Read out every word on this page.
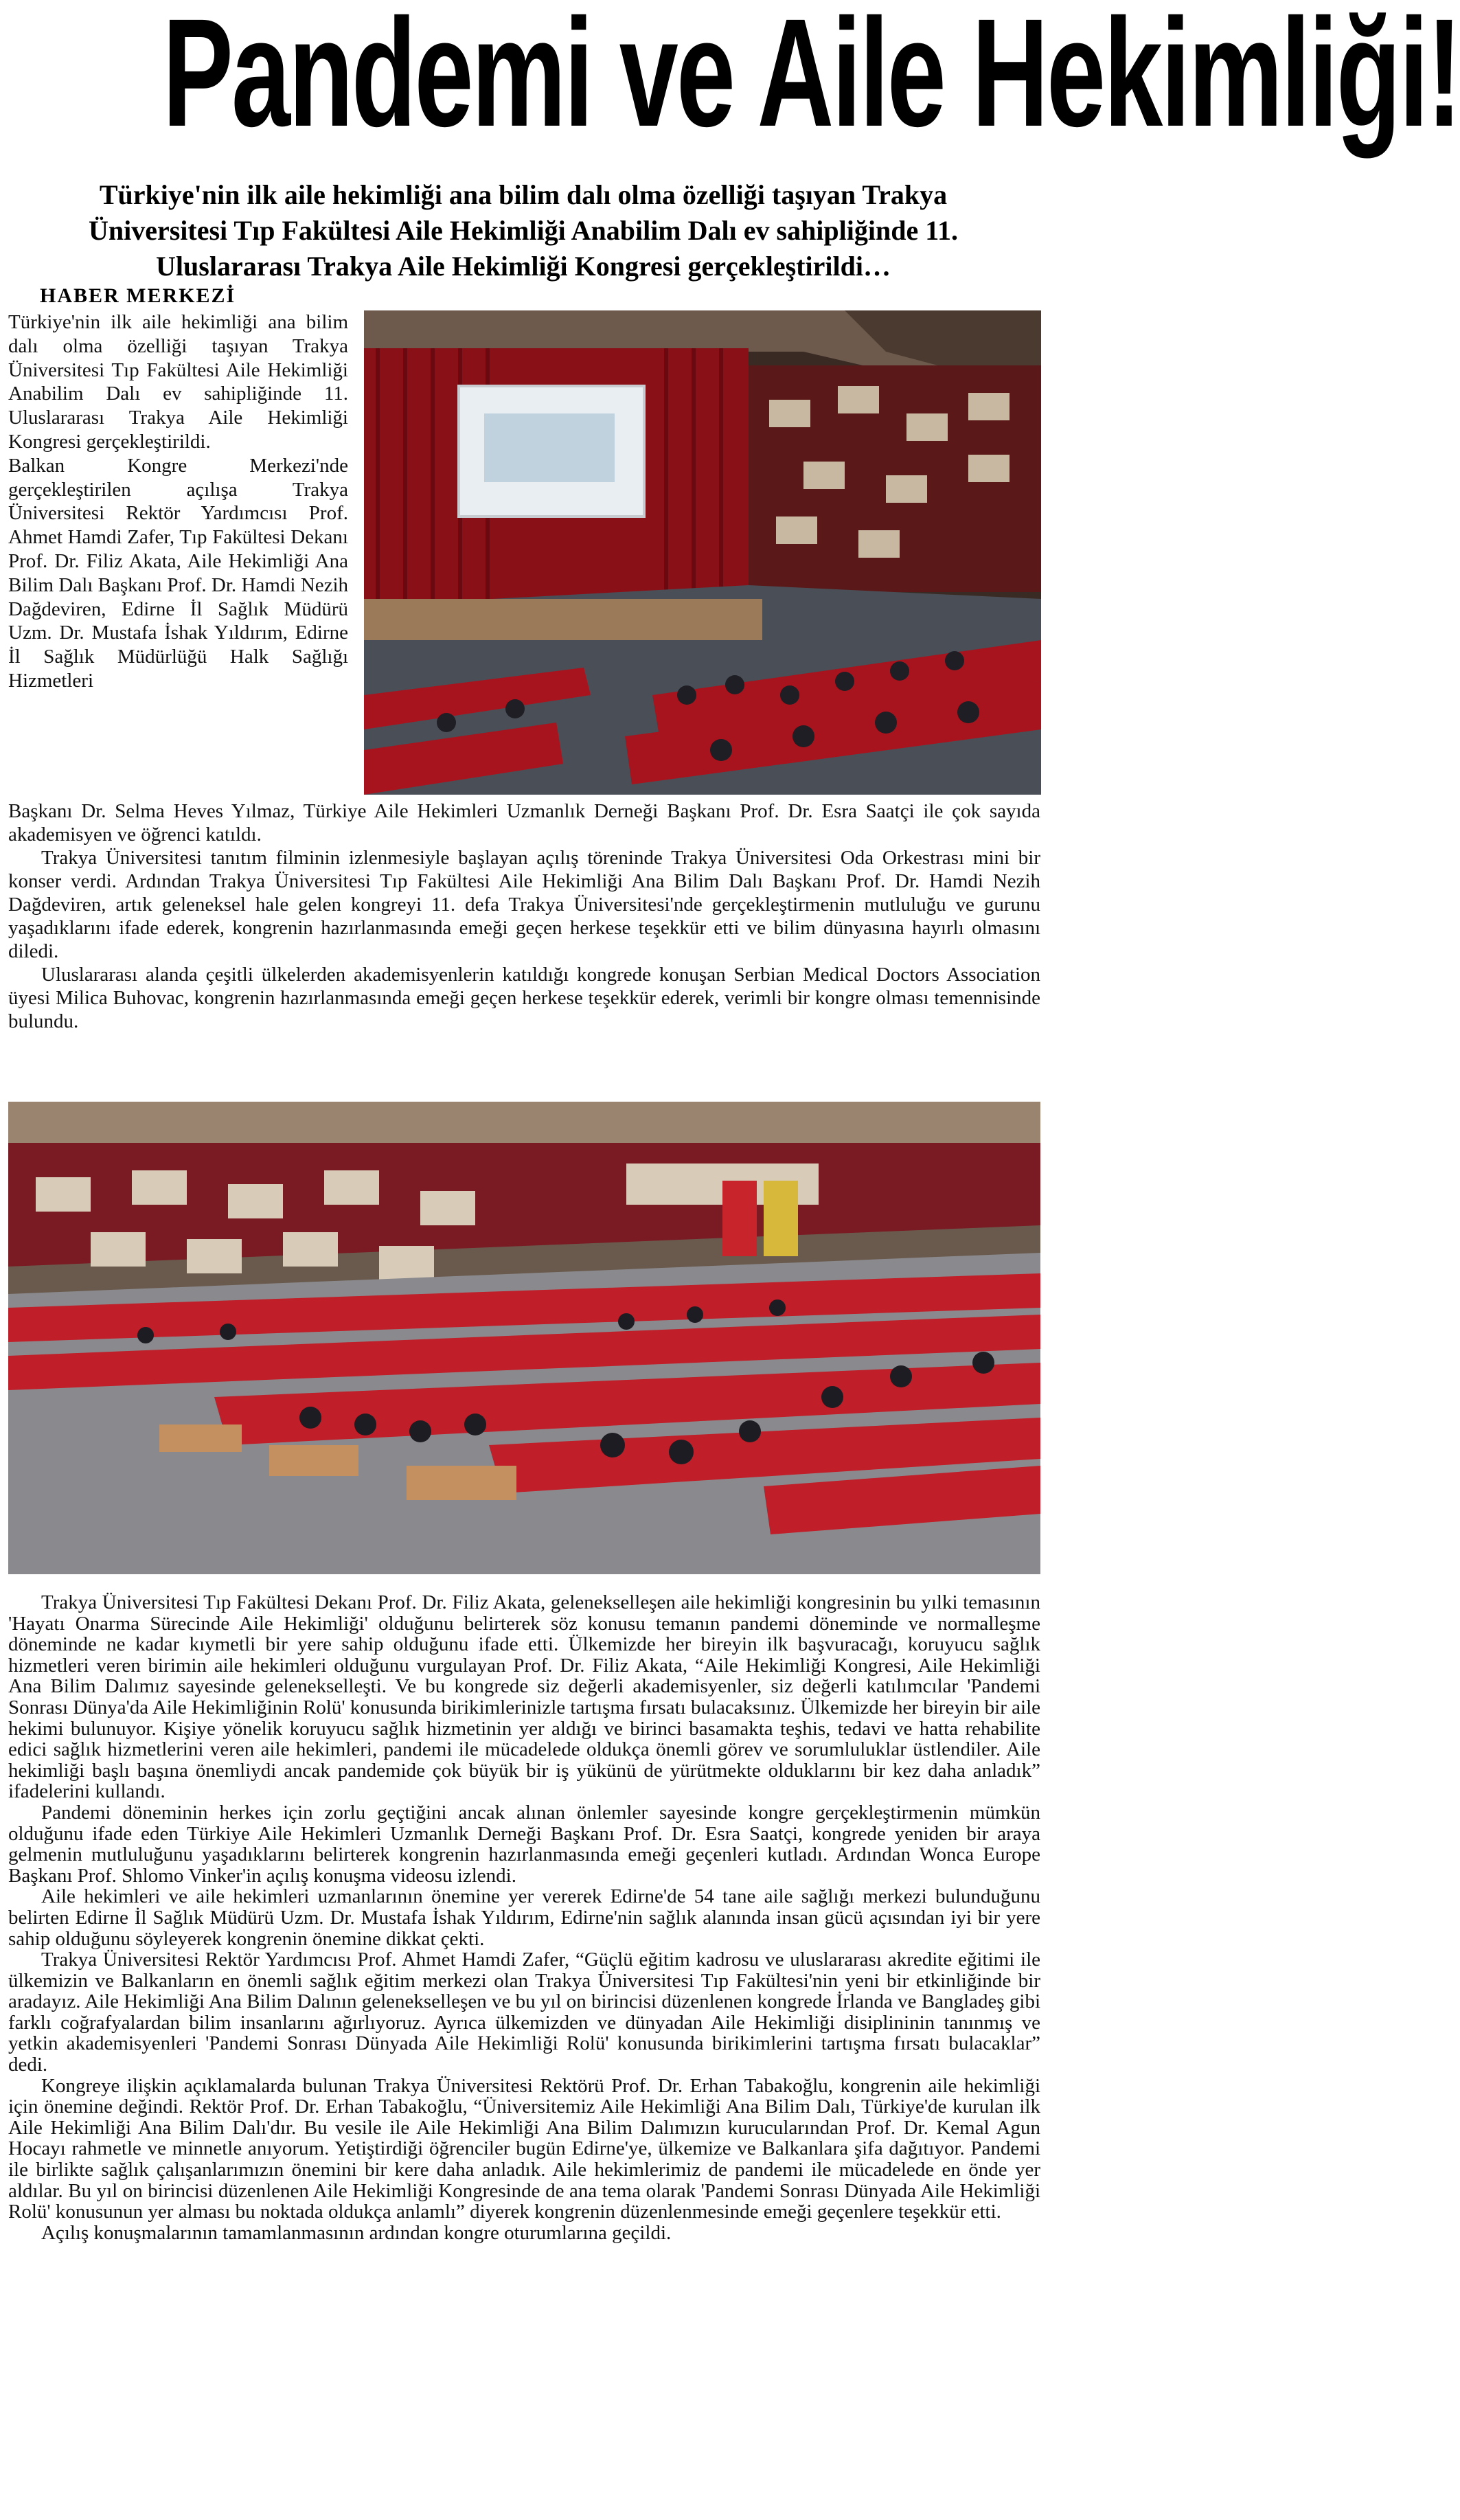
Pandemi ve Aile Hekimliği!

Türkiye'nin ilk aile hekimliği ana bilim dalı olma özelliği taşıyan Trakya Üniversitesi Tıp Fakültesi Aile Hekimliği Anabilim Dalı ev sahipliğinde 11. Uluslararası Trakya Aile Hekimliği Kongresi gerçekleştirildi…

HABER MERKEZİ

Türkiye'nin ilk aile hekimliği ana bilim dalı olma özelliği taşıyan Trakya Üniversitesi Tıp Fakültesi Aile Hekimliği Anabilim Dalı ev sahipliğinde 11. Uluslararası Trakya Aile Hekimliği Kongresi gerçekleştirildi.

Balkan Kongre Merkezi'nde gerçekleştirilen açılışa Trakya Üniversitesi Rektör Yardımcısı Prof. Ahmet Hamdi Zafer, Tıp Fakültesi Dekanı Prof. Dr. Filiz Akata, Aile Hekimliği Ana Bilim Dalı Başkanı Prof. Dr. Hamdi Nezih Dağdeviren, Edirne İl Sağlık Müdürü Uzm. Dr. Mustafa İshak Yıldırım, Edirne İl Sağlık Müdürlüğü Halk Sağlığı Hizmetleri

Başkanı Dr. Selma Heves Yılmaz, Türkiye Aile Hekimleri Uzmanlık Derneği Başkanı Prof. Dr. Esra Saatçi ile çok sayıda akademisyen ve öğrenci katıldı.

Trakya Üniversitesi tanıtım filminin izlenmesiyle başlayan açılış töreninde Trakya Üniversitesi Oda Orkestrası mini bir konser verdi. Ardından Trakya Üniversitesi Tıp Fakültesi Aile Hekimliği Ana Bilim Dalı Başkanı Prof. Dr. Hamdi Nezih Dağdeviren, artık geleneksel hale gelen kongreyi 11. defa Trakya Üniversitesi'nde gerçekleştirmenin mutluluğu ve gurunu yaşadıklarını ifade ederek, kongrenin hazırlanmasında emeği geçen herkese teşekkür etti ve bilim dünyasına hayırlı olmasını diledi.

Uluslararası alanda çeşitli ülkelerden akademisyenlerin katıldığı kongrede konuşan Serbian Medical Doctors Association üyesi Milica Buhovac, kongrenin hazırlanmasında emeği geçen herkese teşekkür ederek, verimli bir kongre olması temennisinde bulundu.

Trakya Üniversitesi Tıp Fakültesi Dekanı Prof. Dr. Filiz Akata, gelenekselleşen aile hekimliği kongresinin bu yılki temasının 'Hayatı Onarma Sürecinde Aile Hekimliği' olduğunu belirterek söz konusu temanın pandemi döneminde ve normalleşme döneminde ne kadar kıymetli bir yere sahip olduğunu ifade etti. Ülkemizde her bireyin ilk başvuracağı, koruyucu sağlık hizmetleri veren birimin aile hekimleri olduğunu vurgulayan Prof. Dr. Filiz Akata, “Aile Hekimliği Kongresi, Aile Hekimliği Ana Bilim Dalımız sayesinde gelenekselleşti. Ve bu kongrede siz değerli akademisyenler, siz değerli katılımcılar 'Pandemi Sonrası Dünya'da Aile Hekimliğinin Rolü' konusunda birikimlerinizle tartışma fırsatı bulacaksınız. Ülkemizde her bireyin bir aile hekimi bulunuyor. Kişiye yönelik koruyucu sağlık hizmetinin yer aldığı ve birinci basamakta teşhis, tedavi ve hatta rehabilite edici sağlık hizmetlerini veren aile hekimleri, pandemi ile mücadelede oldukça önemli görev ve sorumluluklar üstlendiler. Aile hekimliği başlı başına önemliydi ancak pandemide çok büyük bir iş yükünü de yürütmekte olduklarını bir kez daha anladık” ifadelerini kullandı.

Pandemi döneminin herkes için zorlu geçtiğini ancak alınan önlemler sayesinde kongre gerçekleştirmenin mümkün olduğunu ifade eden Türkiye Aile Hekimleri Uzmanlık Derneği Başkanı Prof. Dr. Esra Saatçi, kongrede yeniden bir araya gelmenin mutluluğunu yaşadıklarını belirterek kongrenin hazırlanmasında emeği geçenleri kutladı. Ardından Wonca Europe Başkanı Prof. Shlomo Vinker'in açılış konuşma videosu izlendi.

Aile hekimleri ve aile hekimleri uzmanlarının önemine yer vererek Edirne'de 54 tane aile sağlığı merkezi bulunduğunu belirten Edirne İl Sağlık Müdürü Uzm. Dr. Mustafa İshak Yıldırım, Edirne'nin sağlık alanında insan gücü açısından iyi bir yere sahip olduğunu söyleyerek kongrenin önemine dikkat çekti.

Trakya Üniversitesi Rektör Yardımcısı Prof. Ahmet Hamdi Zafer, “Güçlü eğitim kadrosu ve uluslararası akredite eğitimi ile ülkemizin ve Balkanların en önemli sağlık eğitim merkezi olan Trakya Üniversitesi Tıp Fakültesi'nin yeni bir etkinliğinde bir aradayız. Aile Hekimliği Ana Bilim Dalının gelenekselleşen ve bu yıl on birincisi düzenlenen kongrede İrlanda ve Bangladeş gibi farklı coğrafyalardan bilim insanlarını ağırlıyoruz. Ayrıca ülkemizden ve dünyadan Aile Hekimliği disiplininin tanınmış ve yetkin akademisyenleri 'Pandemi Sonrası Dünyada Aile Hekimliği Rolü' konusunda birikimlerini tartışma fırsatı bulacaklar” dedi.

Kongreye ilişkin açıklamalarda bulunan Trakya Üniversitesi Rektörü Prof. Dr. Erhan Tabakoğlu, kongrenin aile hekimliği için önemine değindi. Rektör Prof. Dr. Erhan Tabakoğlu, “Üniversitemiz Aile Hekimliği Ana Bilim Dalı, Türkiye'de kurulan ilk Aile Hekimliği Ana Bilim Dalı'dır. Bu vesile ile Aile Hekimliği Ana Bilim Dalımızın kurucularından Prof. Dr. Kemal Agun Hocayı rahmetle ve minnetle anıyorum. Yetiştirdiği öğrenciler bugün Edirne'ye, ülkemize ve Balkanlara şifa dağıtıyor. Pandemi ile birlikte sağlık çalışanlarımızın önemini bir kere daha anladık. Aile hekimlerimiz de pandemi ile mücadelede en önde yer aldılar. Bu yıl on birincisi düzenlenen Aile Hekimliği Kongresinde de ana tema olarak 'Pandemi Sonrası Dünyada Aile Hekimliği Rolü' konusunun yer alması bu noktada oldukça anlamlı” diyerek kongrenin düzenlenmesinde emeği geçenlere teşekkür etti.

Açılış konuşmalarının tamamlanmasının ardından kongre oturumlarına geçildi.
